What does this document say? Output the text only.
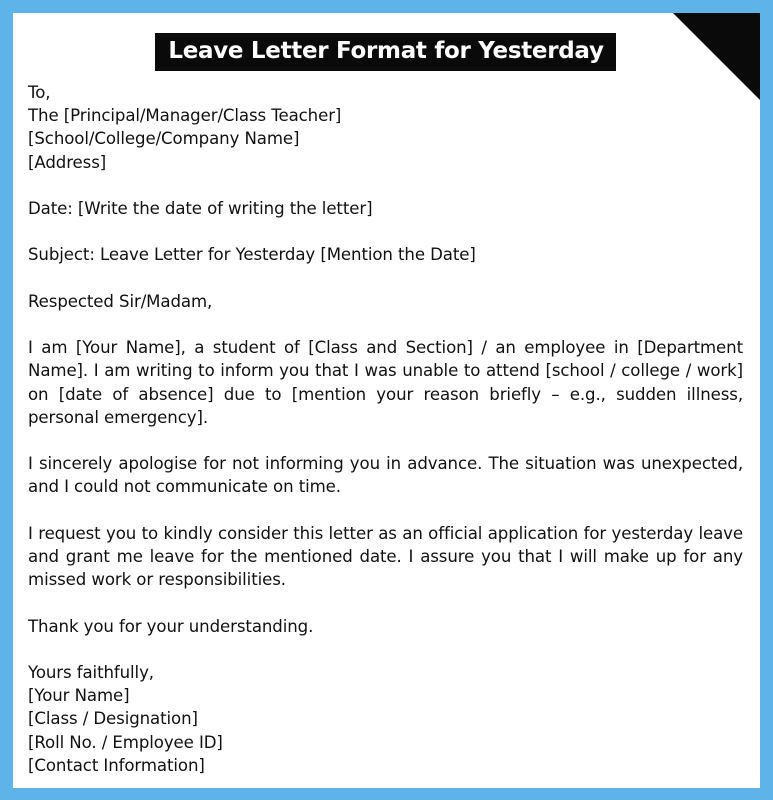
Leave Letter Format for Yesterday
To,
The [Principal/Manager/Class Teacher]
[School/College/Company Name]
[Address]
Date: [Write the date of writing the letter]
Subject: Leave Letter for Yesterday [Mention the Date]
Respected Sir/Madam,

I am [Your Name], a student of [Class and Section] / an employee in [Department Name]. I am writing to inform you that I was unable to attend [school / college / work] on [date of absence] due to [mention your reason briefly – e.g., sudden illness, personal emergency].

I sincerely apologise for not informing you in advance. The situation was unexpected, and I could not communicate on time.

I request you to kindly consider this letter as an official application for yesterday leave and grant me leave for the mentioned date. I assure you that I will make up for any missed work or responsibilities.

Thank you for your understanding.
Yours faithfully,
[Your Name]
[Class / Designation]
[Roll No. / Employee ID]
[Contact Information]
